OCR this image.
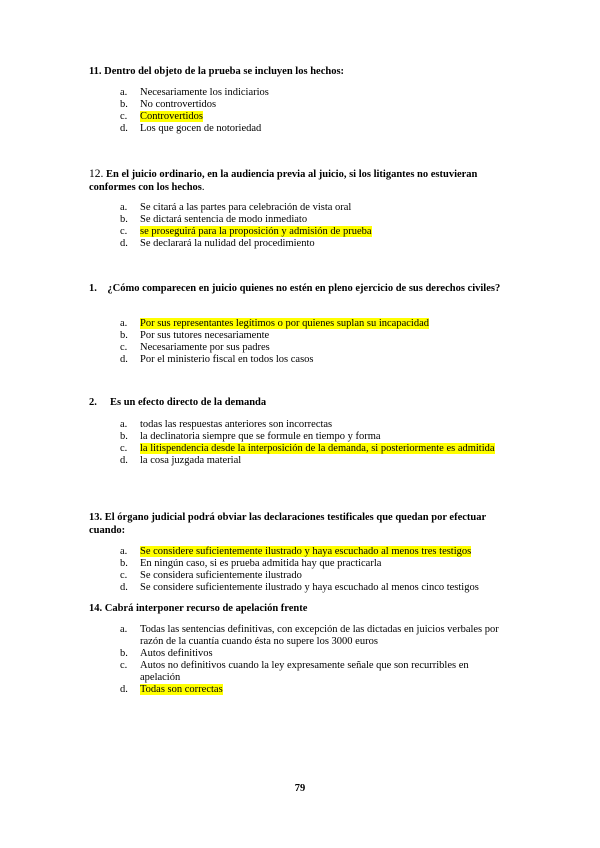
11. Dentro del objeto de la prueba se incluyen los hechos:
a. Necesariamente los indiciarios
b. No controvertidos
c. Controvertidos
d. Los que gocen de notoriedad
12. En el juicio ordinario, en la audiencia previa al juicio, si los litigantes no estuvieran conformes con los hechos.
a. Se citará a las partes para celebración de vista oral
b. Se dictará sentencia de modo inmediato
c. se proseguirá para la proposición y admisión de prueba
d. Se declarará la nulidad del procedimiento
1. ¿Cómo comparecen en juicio quienes no estén en pleno ejercicio de sus derechos civiles?
a. Por sus representantes legítimos o por quienes suplan su incapacidad
b. Por sus tutores necesariamente
c. Necesariamente por sus padres
d. Por el ministerio fiscal en todos los casos
2. Es un efecto directo de la demanda
a. todas las respuestas anteriores son incorrectas
b. la declinatoria siempre que se formule en tiempo y forma
c. la litispendencia desde la interposición de la demanda, si posteriormente es admitida
d. la cosa juzgada material
13. El órgano judicial podrá obviar las declaraciones testificales que quedan por efectuar cuando:
a. Se considere suficientemente ilustrado y haya escuchado al menos tres testigos
b. En ningún caso, si es prueba admitida hay que practicarla
c. Se considera suficientemente ilustrado
d. Se considere suficientemente ilustrado y haya escuchado al menos cinco testigos
14. Cabrá interponer recurso de apelación frente
a. Todas las sentencias definitivas, con excepción de las dictadas en juicios verbales por razón de la cuantía cuando ésta no supere los 3000 euros
b. Autos definitivos
c. Autos no definitivos cuando la ley expresamente señale que son recurribles en apelación
d. Todas son correctas
79
